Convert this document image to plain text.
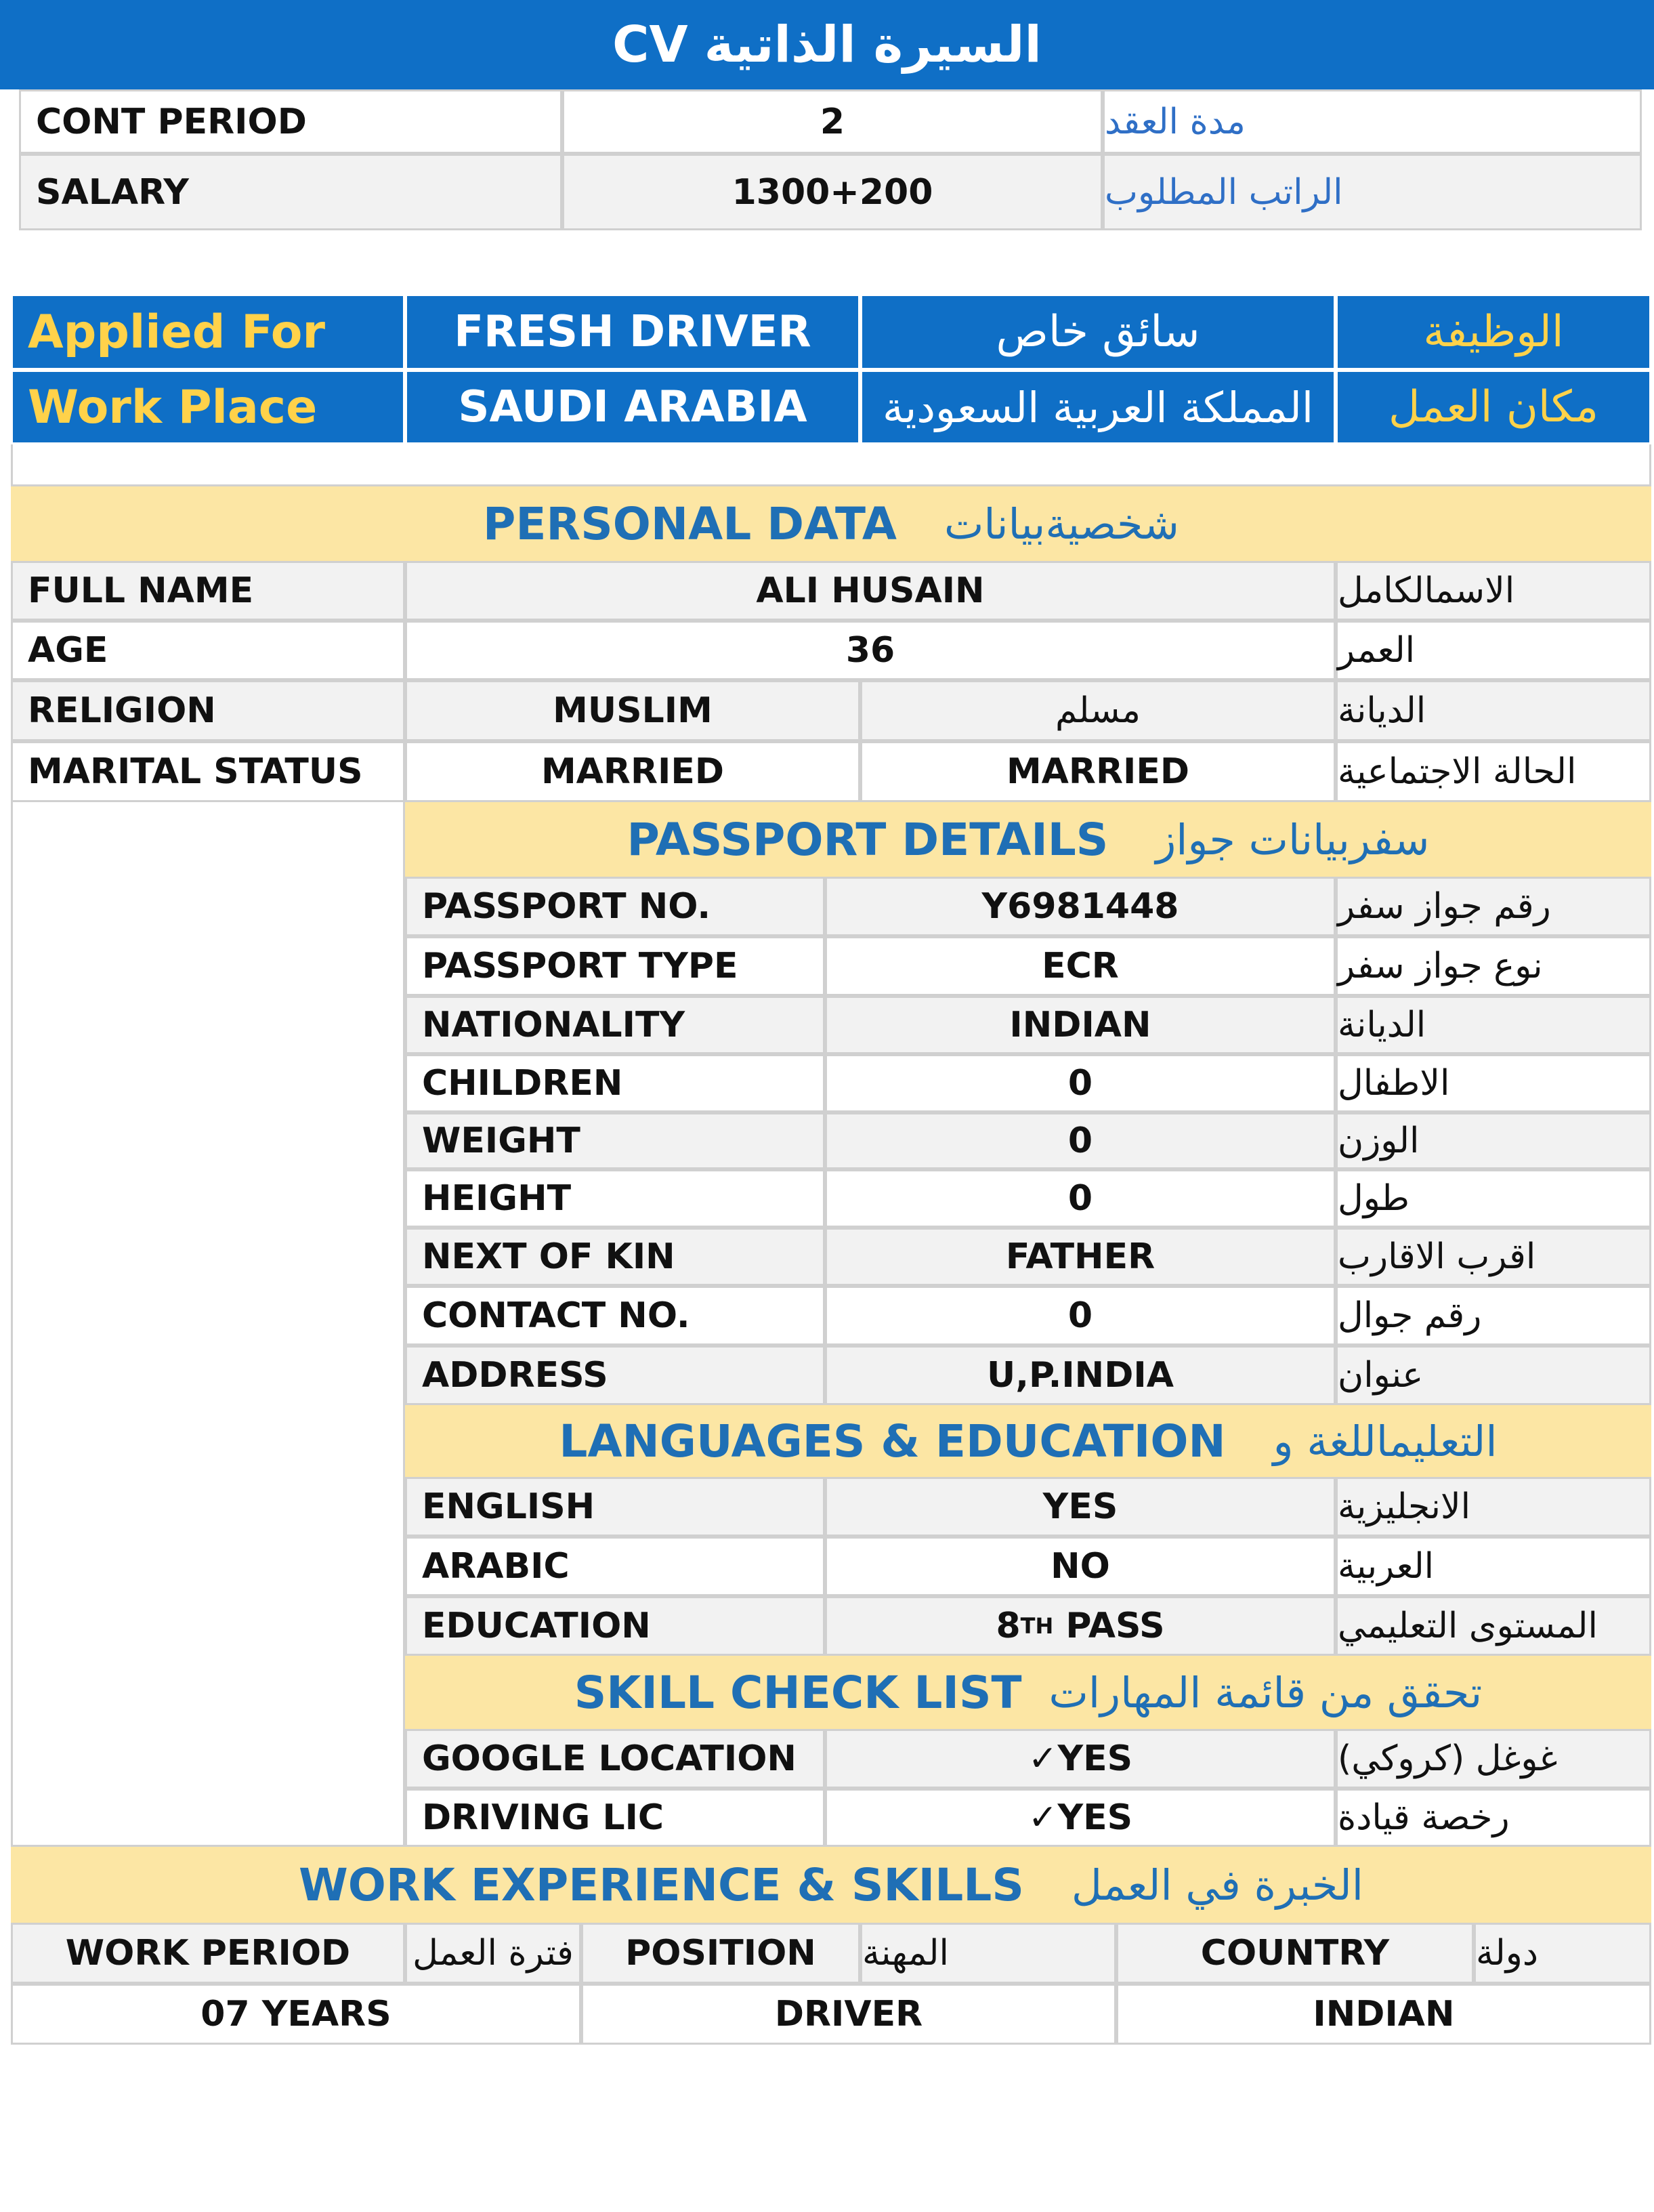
CV السيرة الذاتية
CONT PERIOD	2	مدة العقد
SALARY	1300+200	الراتب المطلوب
Applied For	FRESH DRIVER	سائق خاص	الوظيفة
Work Place	SAUDI ARABIA	المملكة العربية السعودية	مكان العمل
PERSONAL DATA شخصيةبيانات
FULL NAME	ALI HUSAIN	الاسمالكامل
AGE	36	العمر
RELIGION	MUSLIM	مسلم	الديانة
MARITAL STATUS	MARRIED	MARRIED	الحالة الاجتماعية
PASSPORT DETAILS سفربيانات جواز
PASSPORT NO.	Y6981448	رقم جواز سفر
PASSPORT TYPE	ECR	نوع جواز سفر
NATIONALITY	INDIAN	الديانة
CHILDREN	0	الاطفال
WEIGHT	0	الوزن
HEIGHT	0	طول
NEXT OF KIN	FATHER	اقرب الاقارب
CONTACT NO.	0	رقم جوال
ADDRESS	U,P.INDIA	عنوان
LANGUAGES & EDUCATION التعليماللغة و
ENGLISH	YES	الانجليزية
ARABIC	NO	العربية
EDUCATION	8 TH PASS	المستوى التعليمي
SKILL CHECK LIST تحقق من قائمة المهارات
GOOGLE LOCATION	✓YES	غوغل (كروكي)
DRIVING LIC	✓YES	رخصة قيادة
WORK EXPERIENCE & SKILLS الخبرة في العمل
WORK PERIOD	فترة العمل	POSITION	المهنة	COUNTRY	دولة
07 YEARS	DRIVER	INDIAN
